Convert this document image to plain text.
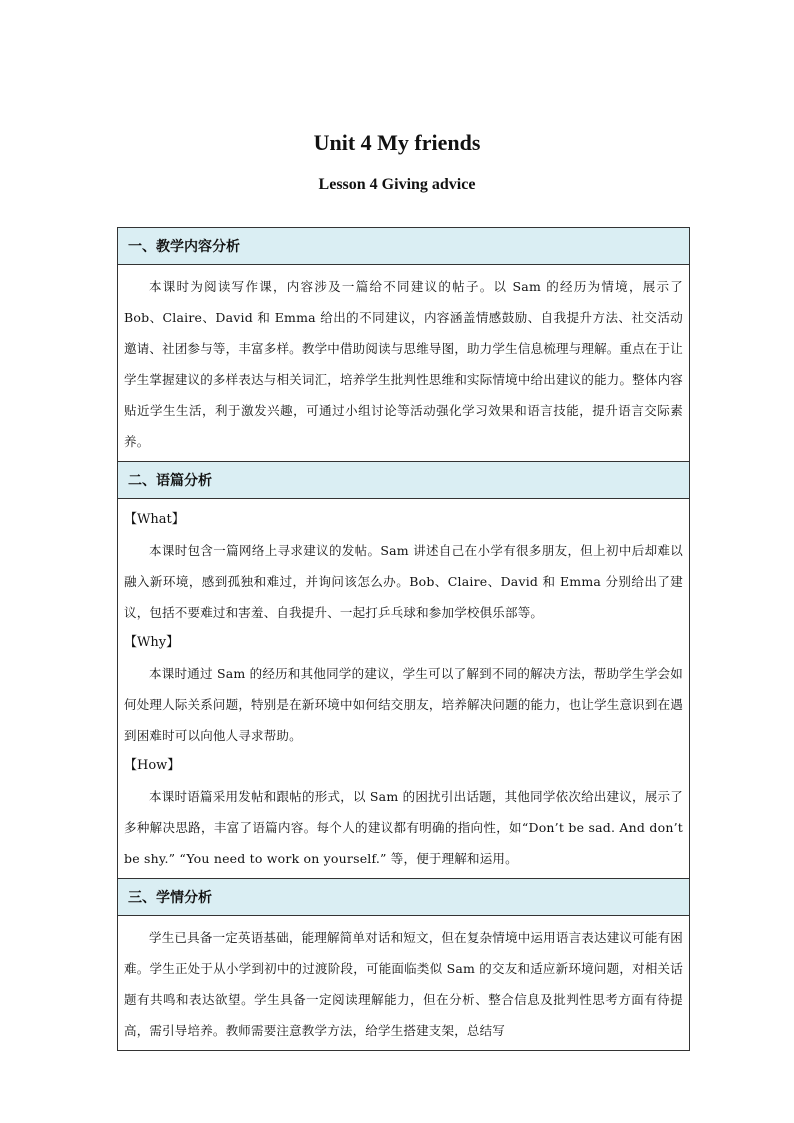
Unit 4 My friends
Lesson 4 Giving advice
一、教学内容分析

本课时为阅读写作课，内容涉及一篇给不同建议的帖子。以 Sam 的经历为情境，展示了 Bob、Claire、David 和 Emma 给出的不同建议，内容涵盖情感鼓励、自我提升方法、社交活动邀请、社团参与等，丰富多样。教学中借助阅读与思维导图，助力学生信息梳理与理解。重点在于让学生掌握建议的多样表达与相关词汇，培养学生批判性思维和实际情境中给出建议的能力。整体内容贴近学生生活，利于激发兴趣，可通过小组讨论等活动强化学习效果和语言技能，提升语言交际素养。

二、语篇分析

【What】

本课时包含一篇网络上寻求建议的发帖。Sam 讲述自己在小学有很多朋友，但上初中后却难以融入新环境，感到孤独和难过，并询问该怎么办。Bob、Claire、David 和 Emma 分别给出了建议，包括不要难过和害羞、自我提升、一起打乒乓球和参加学校俱乐部等。

【Why】

本课时通过 Sam 的经历和其他同学的建议，学生可以了解到不同的解决方法，帮助学生学会如何处理人际关系问题，特别是在新环境中如何结交朋友，培养解决问题的能力，也让学生意识到在遇到困难时可以向他人寻求帮助。

【How】

本课时语篇采用发帖和跟帖的形式，以 Sam 的困扰引出话题，其他同学依次给出建议，展示了多种解决思路，丰富了语篇内容。每个人的建议都有明确的指向性，如“Don’t be sad. And don’t be shy.” “You need to work on yourself.” 等，便于理解和运用。

三、学情分析

学生已具备一定英语基础，能理解简单对话和短文，但在复杂情境中运用语言表达建议可能有困难。学生正处于从小学到初中的过渡阶段，可能面临类似 Sam 的交友和适应新环境问题，对相关话题有共鸣和表达欲望。学生具备一定阅读理解能力，但在分析、整合信息及批判性思考方面有待提高，需引导培养。教师需要注意教学方法，给学生搭建支架，总结写
